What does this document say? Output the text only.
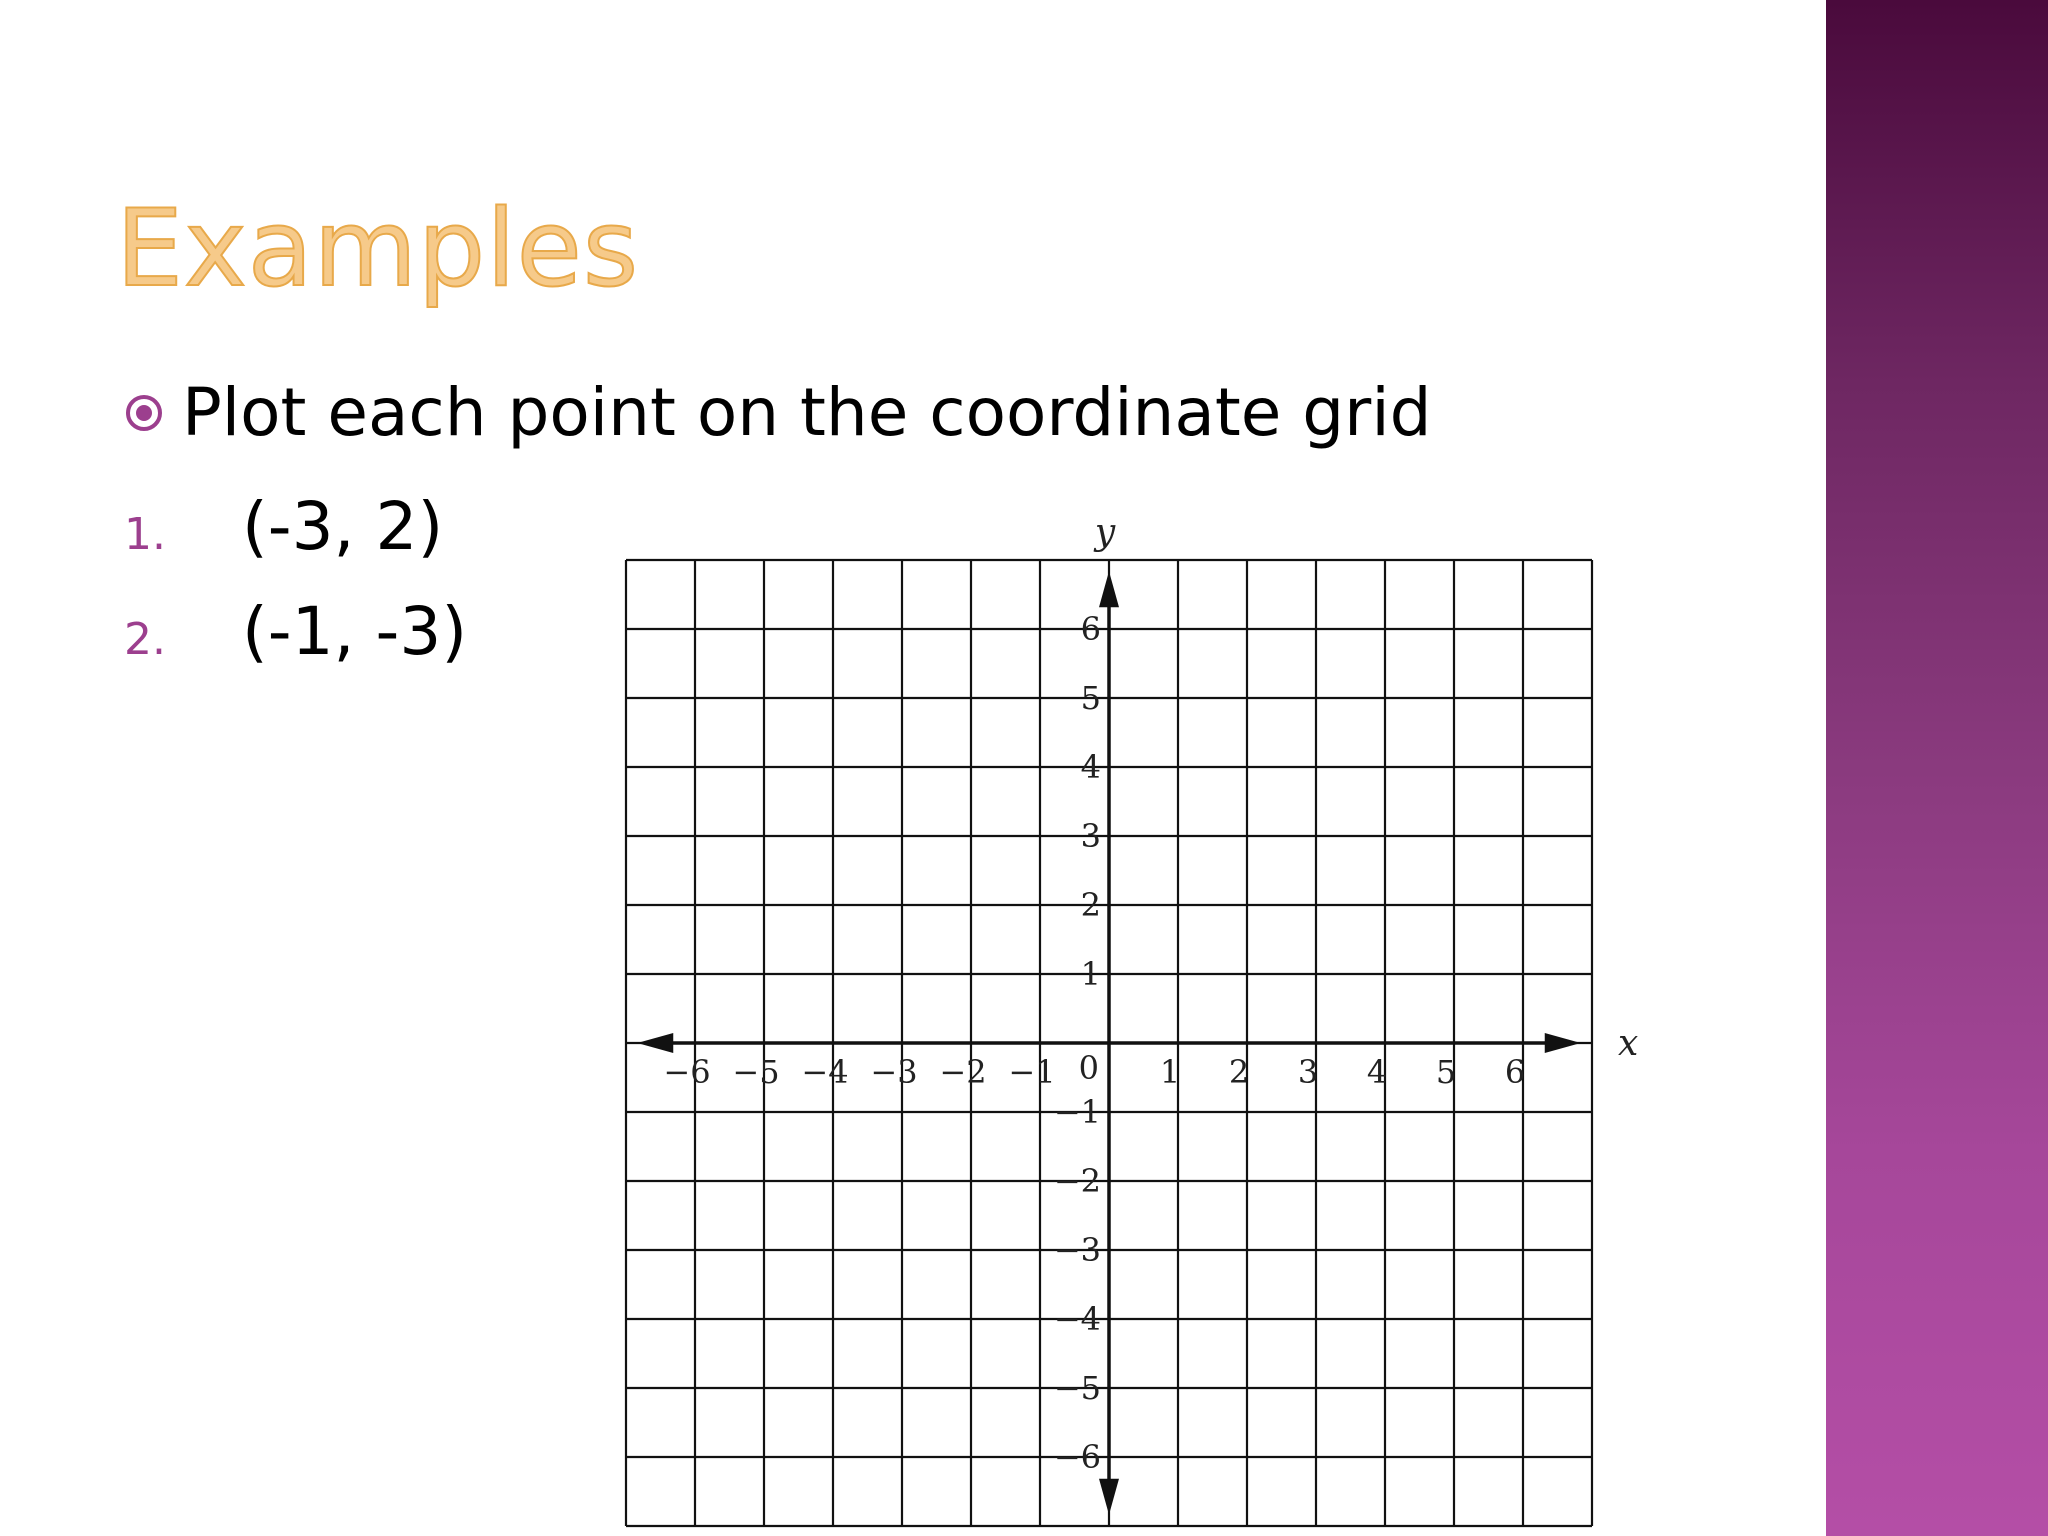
Examples
Plot each point on the coordinate grid
1.	(-3, 2)
2.	(-1, -3)
−6 −5 −4 −3 −2 −1	1 2 3 4 5 6
6
5
4
3
2
1
−1
−2
−3
−4
−5
−6
x
y
0
